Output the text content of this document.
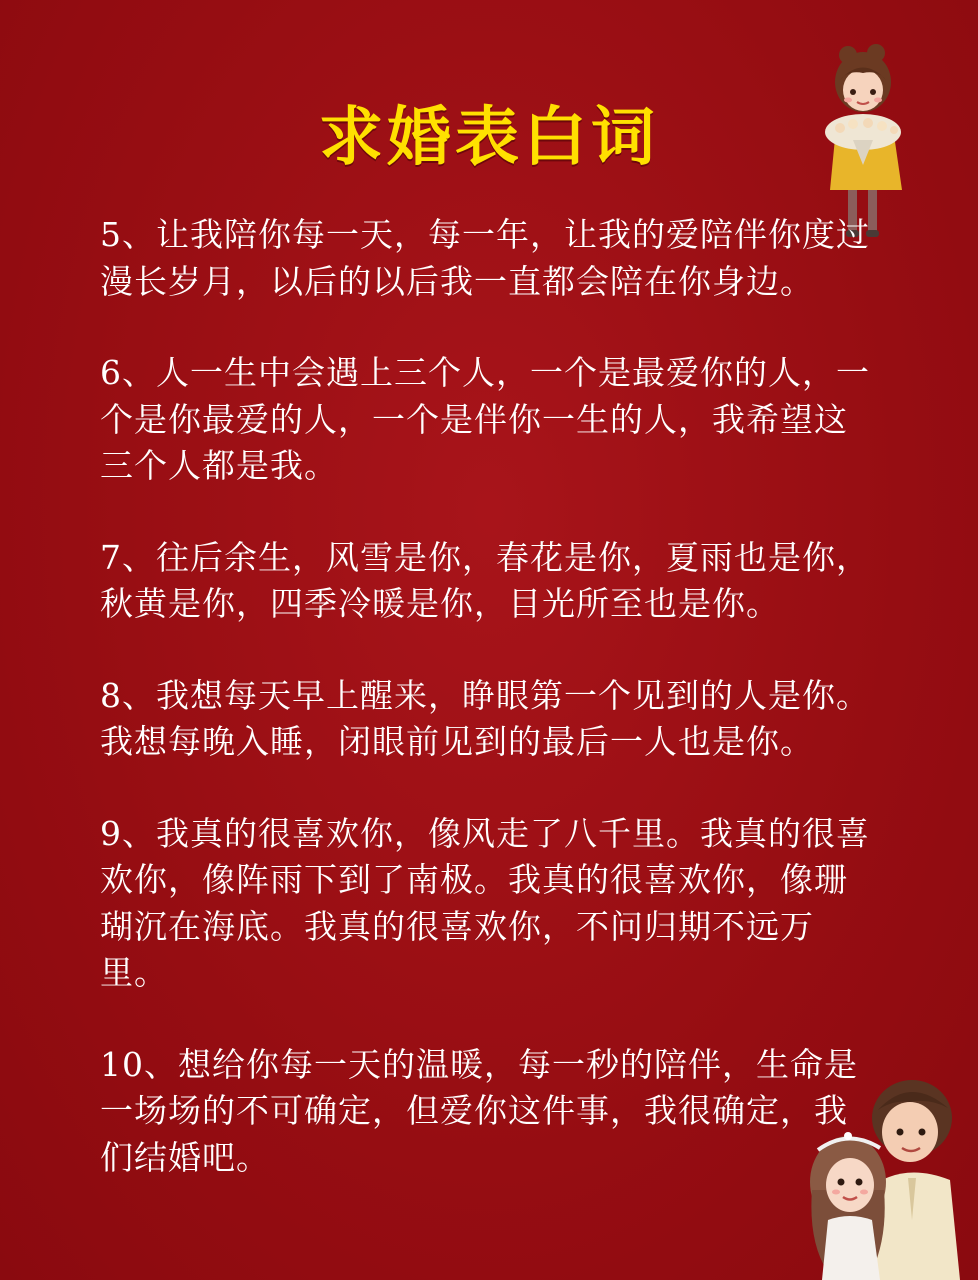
求婚表白词

5、让我陪你每一天，每一年，让我的爱陪伴你度过漫长岁月，以后的以后我一直都会陪在你身边。

6、人一生中会遇上三个人，一个是最爱你的人，一个是你最爱的人，一个是伴你一生的人，我希望这三个人都是我。

7、往后余生，风雪是你，春花是你，夏雨也是你，秋黄是你，四季冷暖是你，目光所至也是你。

8、我想每天早上醒来，睁眼第一个见到的人是你。我想每晚入睡，闭眼前见到的最后一人也是你。

9、我真的很喜欢你，像风走了八千里。我真的很喜欢你，像阵雨下到了南极。我真的很喜欢你，像珊瑚沉在海底。我真的很喜欢你，不问归期不远万里。

10、想给你每一天的温暖，每一秒的陪伴，生命是一场场的不可确定，但爱你这件事，我很确定，我们结婚吧。
